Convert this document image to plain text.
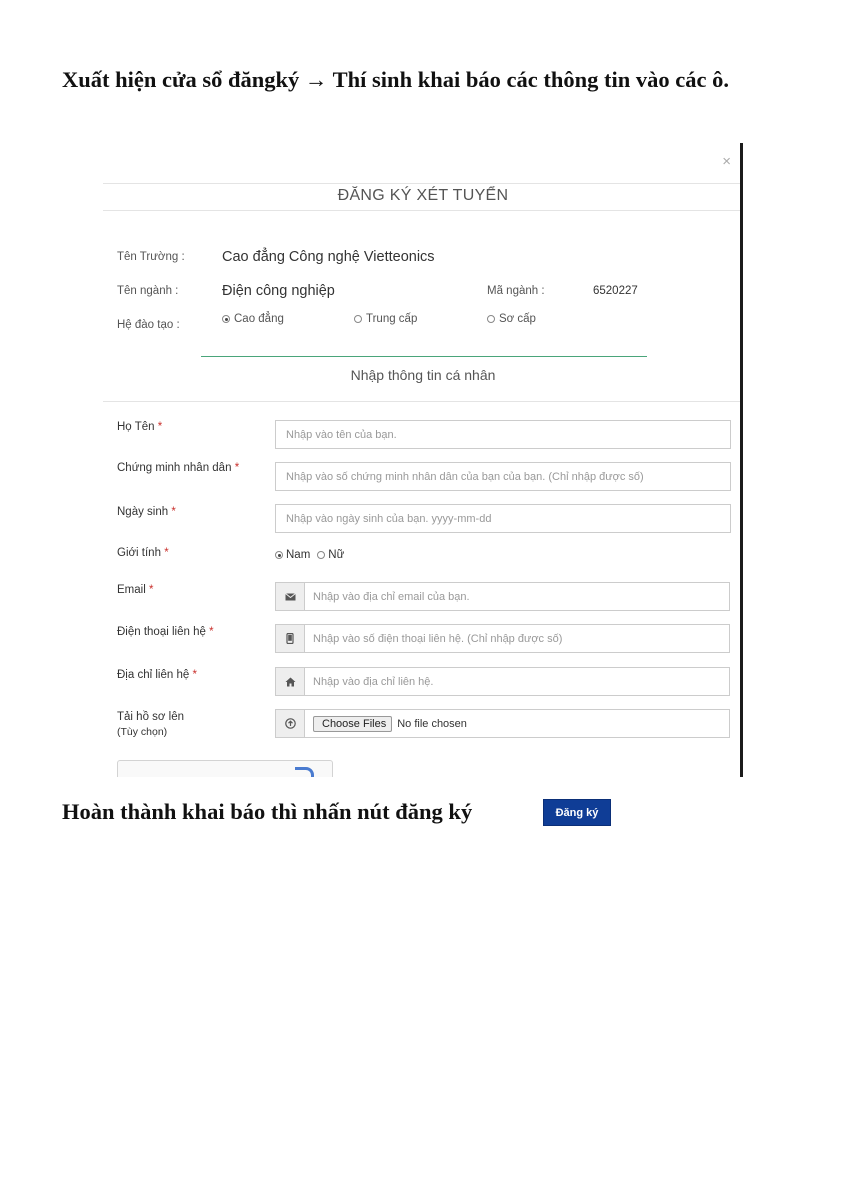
Xuất hiện cửa sổ đăngký → Thí sinh khai báo các thông tin vào các ô.
×
ĐĂNG KÝ XÉT TUYỂN
Tên Trường :	Cao đẳng Công nghệ Vietteonics
Tên ngành :	Điện công nghiệp	Mã ngành :	6520227
Hệ đào tạo :	Cao đẳng	Trung cấp	Sơ cấp
Nhập thông tin cá nhân
Họ Tên *
Nhập vào tên của bạn.
Chứng minh nhân dân *
Nhập vào số chứng minh nhân dân của bạn của bạn. (Chỉ nhập được số)
Ngày sinh *
Nhập vào ngày sinh của bạn. yyyy-mm-dd
Giới tính *	Nam Nữ
Email *
Nhập vào địa chỉ email của bạn.
Điện thoại liên hệ *
Nhập vào số điện thoại liên hệ. (Chỉ nhập được số)
Địa chỉ liên hệ *
Nhập vào địa chỉ liên hệ.
Tải hồ sơ lên
(Tùy chọn)
Choose Files	No file chosen
Hoàn thành khai báo thì nhấn nút đăng ký	Đăng ký
